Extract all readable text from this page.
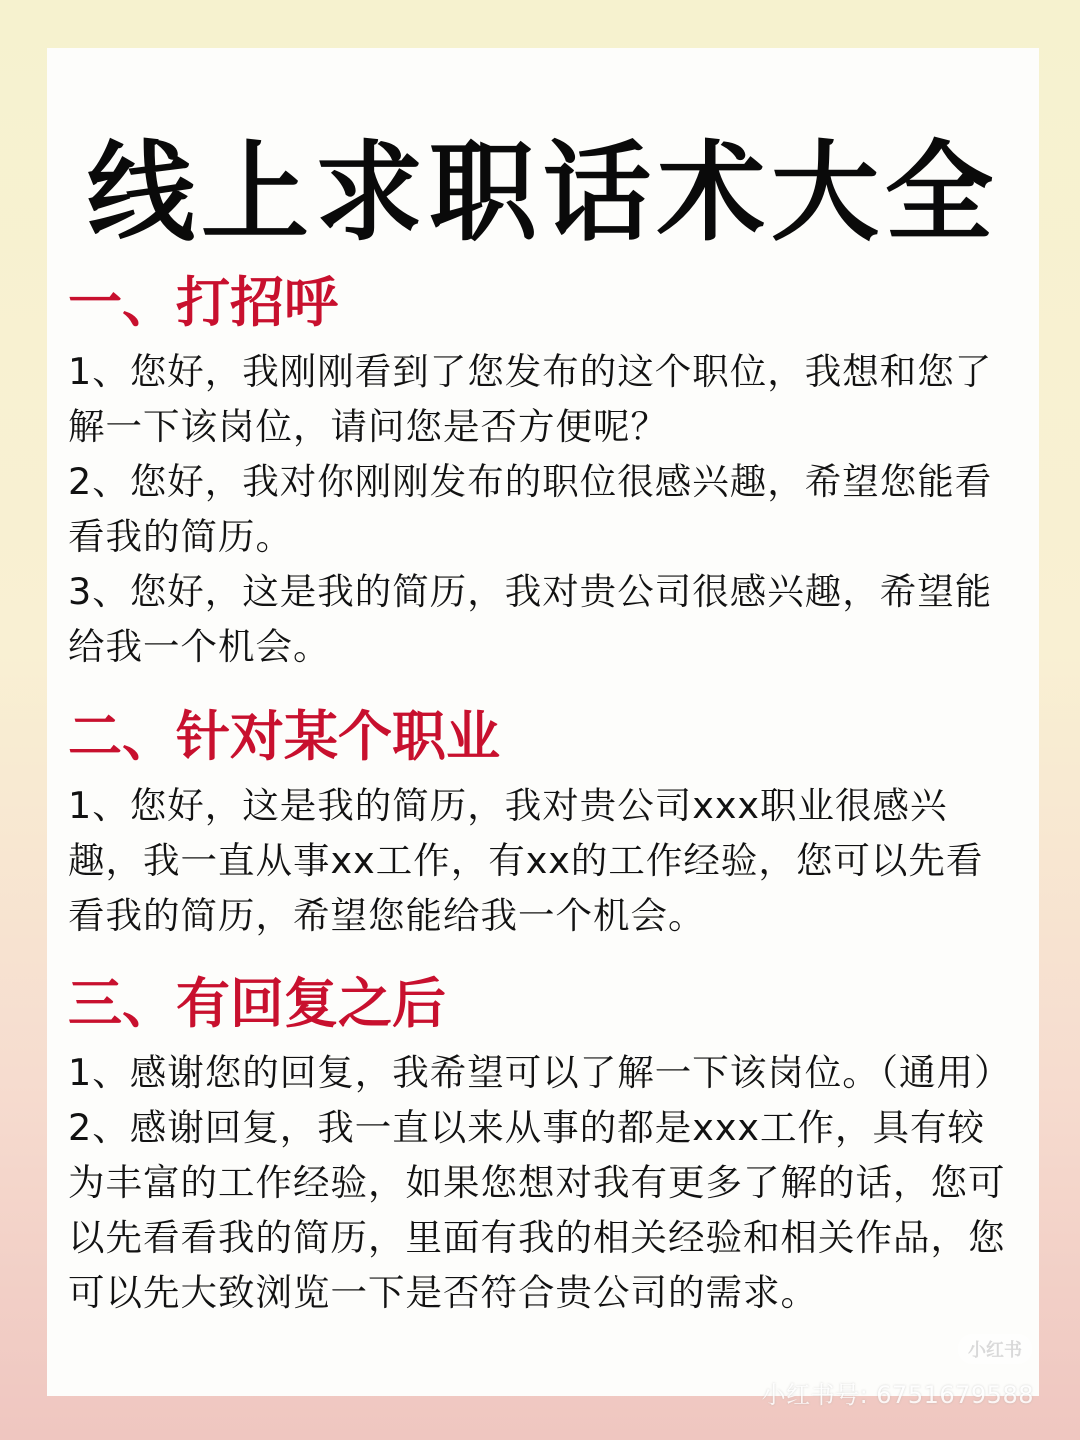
线上求职话术大全
一、打招呼

1、您好，我刚刚看到了您发布的这个职位，我想和您了解一下该岗位，请问您是否方便呢？

2、您好，我对你刚刚发布的职位很感兴趣，希望您能看看我的简历。

3、您好，这是我的简历，我对贵公司很感兴趣，希望能给我一个机会。

二、针对某个职业

1、您好，这是我的简历，我对贵公司xxx职业很感兴趣，我一直从事xx工作，有xx的工作经验，您可以先看看我的简历，希望您能给我一个机会。

三、有回复之后

1、感谢您的回复，我希望可以了解一下该岗位。（通用）

2、感谢回复，我一直以来从事的都是xxx工作，具有较为丰富的工作经验，如果您想对我有更多了解的话，您可以先看看我的简历，里面有我的相关经验和相关作品，您可以先大致浏览一下是否符合贵公司的需求。

小红书
小红书号: 6751679588
